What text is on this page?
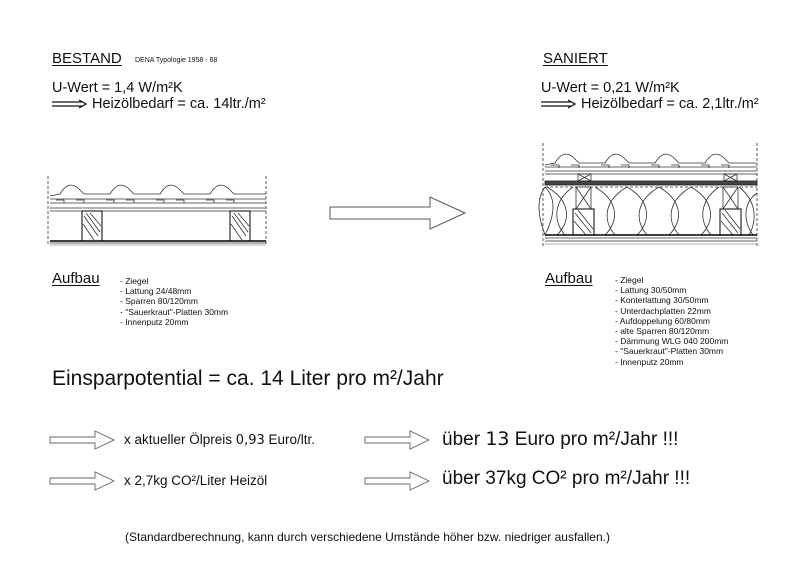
BESTAND DENA Typologie 1958 - 68
U-Wert = 1,4 W/m²K
Heizölbedarf = ca. 14ltr./m²
Aufbau - Ziegel
- Lattung 24/48mm
- Sparren 80/120mm
- "Sauerkraut"-Platten 30mm
- Innenputz 20mm
SANIERT
U-Wert = 0,21 W/m²K
Heizölbedarf = ca. 2,1ltr./m²
Aufbau	- Ziegel
- Lattung 30/50mm
- Konterlattung 30/50mm
- Unterdachplatten 22mm
- Aufdoppelung 60/80mm
- alte Sparren 80/120mm
- Dämmung WLG 040 200mm
- "Sauerkraut"-Platten 30mm
- Innenputz 20mm
Einsparpotential = ca. 14 Liter pro m²/Jahr
x aktueller Ölpreis 0,93 Euro/ltr.	über 13 Euro pro m²/Jahr !!!
x 2,7kg CO²/Liter Heizöl	über 37kg CO² pro m²/Jahr !!!
(Standardberechnung, kann durch verschiedene Umstände höher bzw. niedriger ausfallen.)
